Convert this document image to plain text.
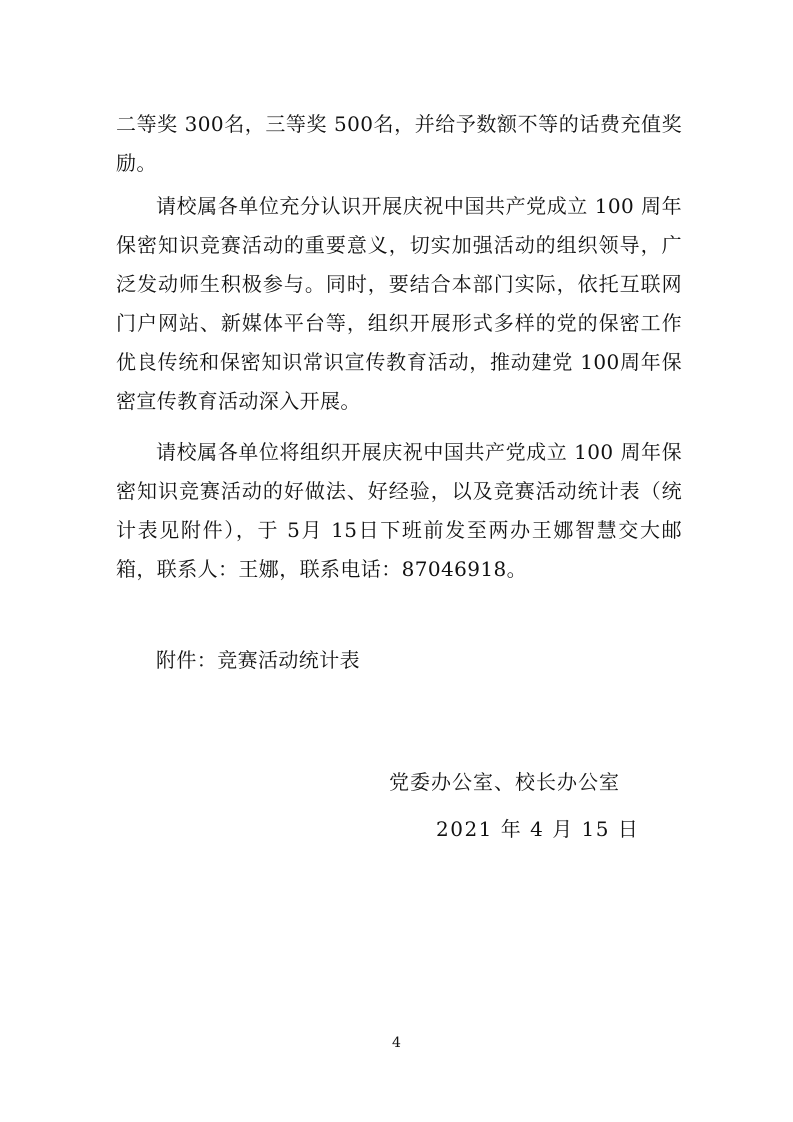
二等奖 300名，三等奖 500名，并给予数额不等的话费充值奖励。

请校属各单位充分认识开展庆祝中国共产党成立 100 周年保密知识竞赛活动的重要意义，切实加强活动的组织领导，广泛发动师生积极参与。同时，要结合本部门实际，依托互联网门户网站、新媒体平台等，组织开展形式多样的党的保密工作优良传统和保密知识常识宣传教育活动，推动建党 100周年保密宣传教育活动深入开展。

请校属各单位将组织开展庆祝中国共产党成立 100 周年保密知识竞赛活动的好做法、好经验，以及竞赛活动统计表（统计表见附件），于 5月 15日下班前发至两办王娜智慧交大邮箱，联系人：王娜，联系电话：87046918。

附件：竞赛活动统计表

党委办公室、校长办公室

2021 年 4 月 15 日

4
